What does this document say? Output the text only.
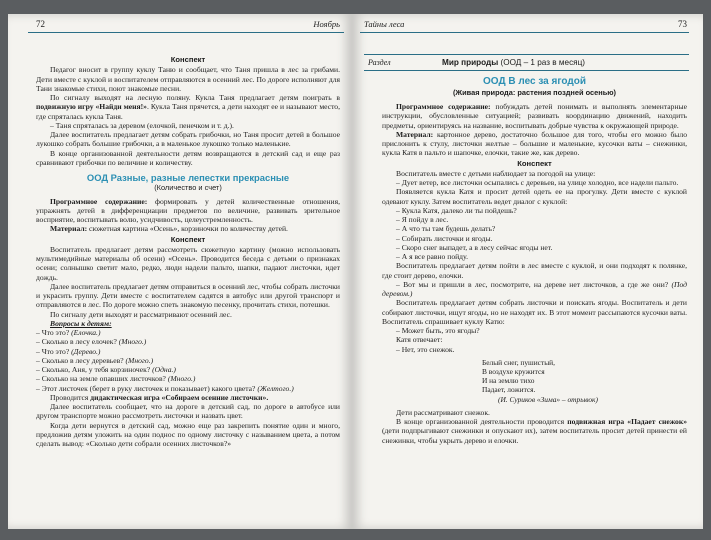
72	Ноябрь

Конспект

Педагог вносит в группу куклу Таню и сообщает, что Таня пришла в лес за грибами. Дети вместе с куклой и воспитателем отправляются в осенний лес. По дороге исполняют для Тани знакомые стихи, поют знакомые песни.

По сигналу выходят на лесную поляну. Кукла Таня предлагает детям поиграть в подвижную игру «Найди меня!». Кукла Таня прячется, а дети находят ее и называют место, где спряталась кукла Таня.

– Таня спряталась за деревом (елочкой, пенечком и т. д.).

Далее воспитатель предлагает детям собрать грибочки, но Таня просит детей в большое лукошко собрать большие грибочки, а в маленькое лукошко только маленькие.

В конце организованной деятельности детям возвращаются в детский сад и еще раз сравнивают грибочки по величине и количеству.

ООД Разные, разные лепестки прекрасные

(Количество и счет)

Программное содержание: формировать у детей количественные отношения, упражнять детей в дифференциации предметов по величине, развивать зрительное восприятие, воспитывать волю, усидчивость, целеустремленность.

Материал: сюжетная картина «Осень», корзиночки по количеству детей.

Конспект

Воспитатель предлагает детям рассмотреть сюжетную картину (можно использовать мультимедийные материалы об осени) «Осень». Проводится беседа с детьми о признаках осени; солнышко светит мало, редко, люди надели пальто, шапки, падают листочки, идет дождь.

Далее воспитатель предлагает детям отправиться в осенний лес, чтобы собрать листочки и украсить группу. Дети вместе с воспитателем садятся в автобус или другой транспорт и отправляются в лес. По дороге можно спеть знакомую песенку, прочитать стихи, потешки.

По сигналу дети выходят и рассматривают осенний лес.

Вопросы к детям:

– Что это? (Елочка.)

– Сколько в лесу елочек? (Много.)

– Что это? (Дерево.)

– Сколько в лесу деревьев? (Много.)

– Сколько, Аня, у тебя корзиночек? (Одна.)

– Сколько на земле опавших листочков? (Много.)

– Этот листочек (берет в руку листочек и показывает) какого цвета? (Желтого.)

Проводится дидактическая игра «Собираем осенние листочки».

Далее воспитатель сообщает, что на дороге в детский сад, по дороге в автобусе или другом транспорте можно рассмотреть листочки и назвать цвет.

Когда дети вернутся в детский сад, можно еще раз закрепить понятие один и много, предложив детям уложить на один поднос по одному листочку с называнием цвета, а потом сделать вывод: «Сколько дети собрали осенних листочков?»

Тайны леса	73
Раздел	Мир природы (ООД – 1 раз в месяц)

ООД В лес за ягодой

(Живая природа: растения поздней осенью)

Программное содержание: побуждать детей понимать и выполнять элементарные инструкции, обусловленные ситуацией; развивать координацию движений, находить предметы, ориентируясь на название, воспитывать добрые чувства к окружающей природе.

Материал: картонное дерево, достаточно большое для того, чтобы его можно было прислонить к стулу, листочки желтые – большие и маленькие, кусочки ваты – снежинки, кукла Катя в пальто и шапочке, елочки, такие же, как дерево.

Конспект

Воспитатель вместе с детьми наблюдает за погодой на улице:

– Дует ветер, все листочки осыпались с деревьев, на улице холодно, все надели пальто.

Появляется кукла Катя и просит детей одеть ее на прогулку. Дети вместе с куклой одевают куклу. Затем воспитатель ведет диалог с куклой:

– Кукла Катя, далеко ли ты пойдешь?

– Я пойду в лес.

– А что ты там будешь делать?

– Собирать листочки и ягоды.

– Скоро снег выпадет, а в лесу сейчас ягоды нет.

– А я все равно пойду.

Воспитатель предлагает детям пойти в лес вместе с куклой, и они подходят к полянке, где стоит дерево, елочки.

– Вот мы и пришли в лес, посмотрите, на дереве нет листочков, а где же они? (Под деревом.)

Воспитатель предлагает детям собрать листочки и поискать ягоды. Воспитатель и дети собирают листочки, ищут ягоды, но не находят их. В этот момент рассыпаются кусочки ваты. Воспитатель спрашивает куклу Катю:

– Может быть, это ягоды?

Катя отвечает:

– Нет, это снежок.

Белый снег, пушистый,
В воздухе кружится
И на землю тихо
Падает, ложится.
(И. Суриков «Зима» – отрывок)

Дети рассматривают снежок.

В конце организованной деятельности проводится подвижная игра «Падает снежок» (дети подпрыгивают снежинки и опускают их), затем воспитатель просит детей принести ей снежинки, чтобы укрыть дерево и елочки.
